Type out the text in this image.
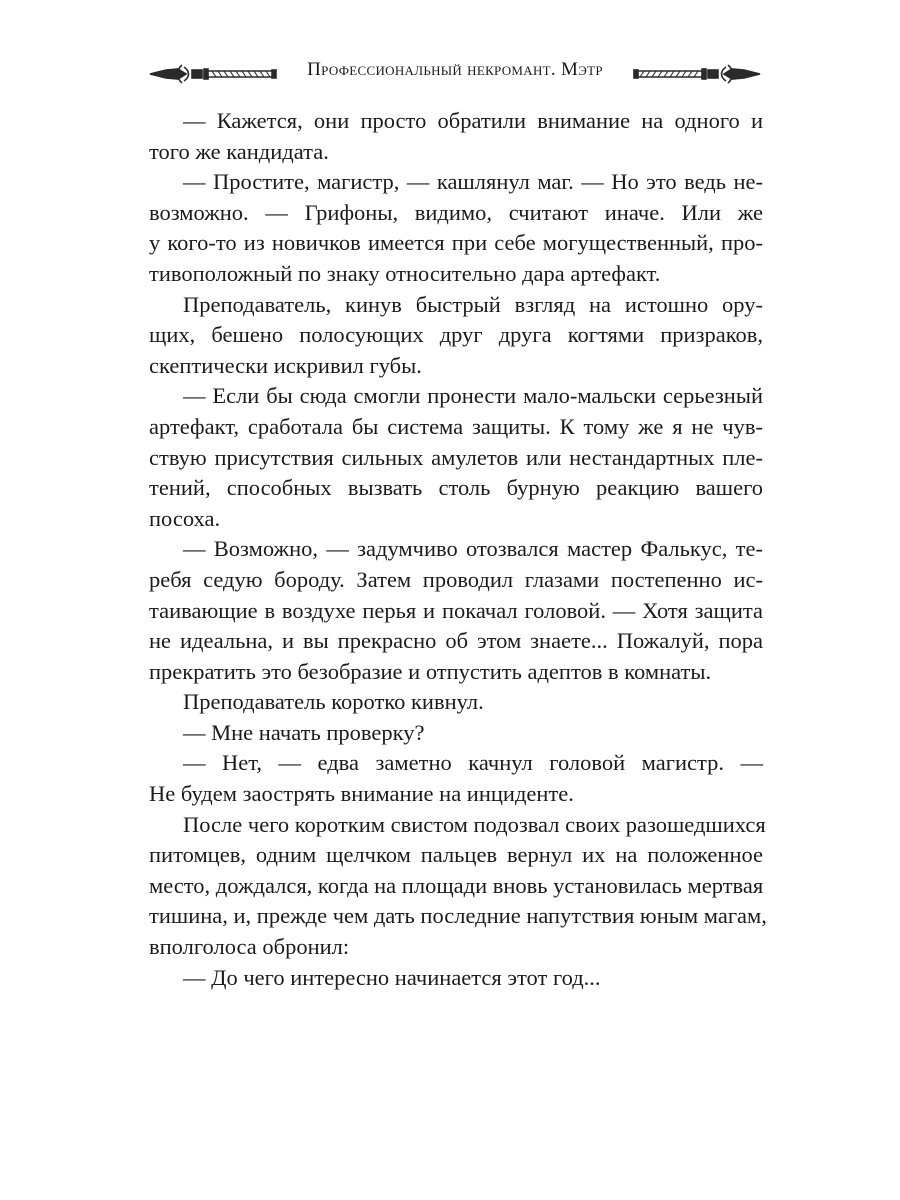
Профессиональный некромант. Мэтр
— Кажется, они просто обратили внимание на одного и
того же кандидата.
— Простите, магистр, — кашлянул маг. — Но это ведь не-
возможно. — Грифоны, видимо, считают иначе. Или же
у кого-то из новичков имеется при себе могущественный, про-
тивоположный по знаку относительно дара артефакт.
Преподаватель, кинув быстрый взгляд на истошно ору-
щих, бешено полосующих друг друга когтями призраков,
скептически искривил губы.
— Если бы сюда смогли пронести мало-мальски серьезный
артефакт, сработала бы система защиты. К тому же я не чув-
ствую присутствия сильных амулетов или нестандартных пле-
тений, способных вызвать столь бурную реакцию вашего
посоха.
— Возможно, — задумчиво отозвался мастер Фалькус, те-
ребя седую бороду. Затем проводил глазами постепенно ис-
таивающие в воздухе перья и покачал головой. — Хотя защита
не идеальна, и вы прекрасно об этом знаете... Пожалуй, пора
прекратить это безобразие и отпустить адептов в комнаты.
Преподаватель коротко кивнул.
— Мне начать проверку?
— Нет, — едва заметно качнул головой магистр. —
Не будем заострять внимание на инциденте.
После чего коротким свистом подозвал своих разошедшихся
питомцев, одним щелчком пальцев вернул их на положенное
место, дождался, когда на площади вновь установилась мертвая
тишина, и, прежде чем дать последние напутствия юным магам,
вполголоса обронил:
— До чего интересно начинается этот год...
